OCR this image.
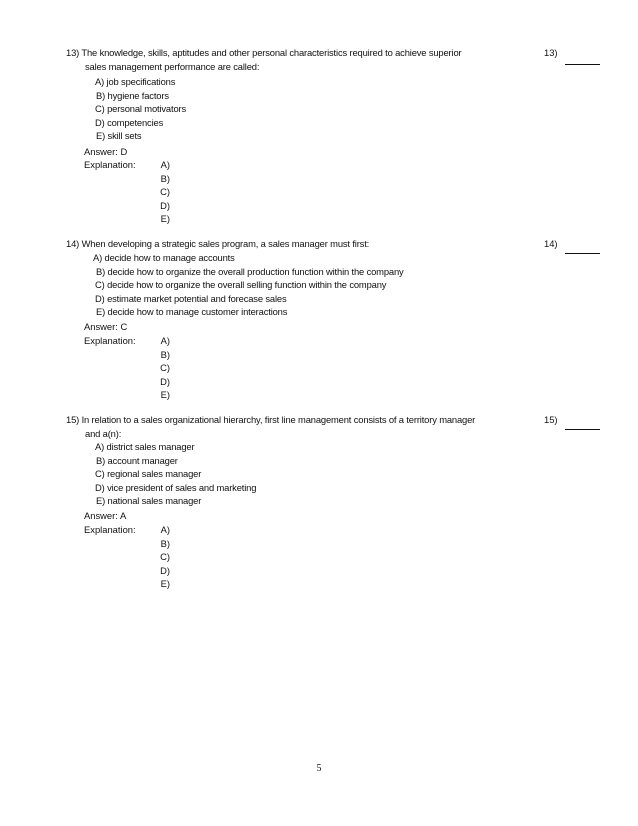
13) The knowledge, skills, aptitudes and other personal characteristics required to achieve superior
sales management performance are called:
13)
A) job specifications
B) hygiene factors
C) personal motivators
D) competencies
E) skill sets
Answer: D
Explanation:	A)
B)
C)
D)
E)
14) When developing a strategic sales program, a sales manager must first:	14)
A) decide how to manage accounts
B) decide how to organize the overall production function within the company
C) decide how to organize the overall selling function within the company
D) estimate market potential and forecase sales
E) decide how to manage customer interactions
Answer: C
Explanation:	A)
B)
C)
D)
E)
15) In relation to a sales organizational hierarchy, first line management consists of a territory manager
and a(n):
15)
A) district sales manager
B) account manager
C) regional sales manager
D) vice president of sales and marketing
E) national sales manager
Answer: A
Explanation:	A)
B)
C)
D)
E)
5
